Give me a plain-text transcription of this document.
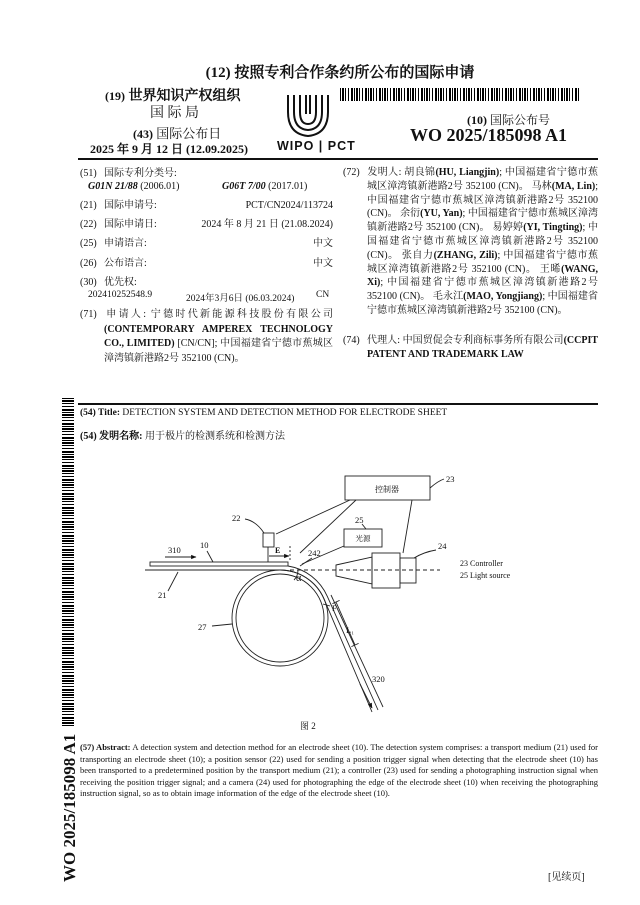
(12) 按照专利合作条约所公布的国际申请
(19) 世界知识产权组织
国 际 局
WIPO | PCT
(43) 国际公布日
2025 年 9 月 12 日 (12.09.2025)
(10) 国际公布号
WO 2025/185098 A1
(51) 国际专利分类号:
G01N 21/88 (2006.01)	G06T 7/00 (2017.01)
(21) 国际申请号:	PCT/CN2024/113724
(22) 国际申请日:	2024 年 8 月 21 日 (21.08.2024)
(25) 申请语言:	中文
(26) 公布语言:	中文
(30) 优先权:
202410252548.9	2024年3月6日 (06.03.2024) CN
(71) 申请人: 宁德时代新能源科技股份有限公司 (CONTEMPORARY AMPEREX TECHNOLOGY CO., LIMITED) [CN/CN]; 中国福建省宁德市蕉城区漳湾镇新港路2号 352100 (CN)。
(72) 发明人: 胡良锦(HU, Liangjin); 中国福建省宁德市蕉城区漳湾镇新港路2号 352100 (CN)。 马林(MA, Lin); 中国福建省宁德市蕉城区漳湾镇新港路2号 352100 (CN)。 余衍(YU, Yan); 中国福建省宁德市蕉城区漳湾镇新港路2号 352100 (CN)。 易婷婷(YI, Tingting); 中国福建省宁德市蕉城区漳湾镇新港路2号 352100 (CN)。 张自力(ZHANG, Zili); 中国福建省宁德市蕉城区漳湾镇新港路2号 352100 (CN)。 王晞(WANG, Xi); 中国福建省宁德市蕉城区漳湾镇新港路2号 352100 (CN)。 毛永江(MAO, Yongjiang); 中国福建省宁德市蕉城区漳湾镇新港路2号 352100 (CN)。
(74) 代理人: 中国贸促会专利商标事务所有限公司(CCPIT PATENT AND TRADEMARK LAW
WO 2025/185098 A1
(54) Title: DETECTION SYSTEM AND DETECTION METHOD FOR ELECTRODE SHEET
(54) 发明名称: 用于极片的检测系统和检测方法
控制器
光源
23
25
24
22
310 10
21
27
242
E
α
F
L₁
320
23 Controller
25 Light source
图 2
(57) Abstract: A detection system and detection method for an electrode sheet (10). The detection system comprises: a transport medium (21) used for transporting an electrode sheet (10); a position sensor (22) used for sending a position trigger signal when detecting that the electrode sheet (10) has been transported to a predetermined position by the transport medium (21); a controller (23) used for sending a photographing instruction signal when receiving the position trigger signal; and a camera (24) used for photographing the edge of the electrode sheet (10) when receiving the photographing instruction signal, so as to obtain image information of the edge of the electrode sheet (10).
[见续页]
